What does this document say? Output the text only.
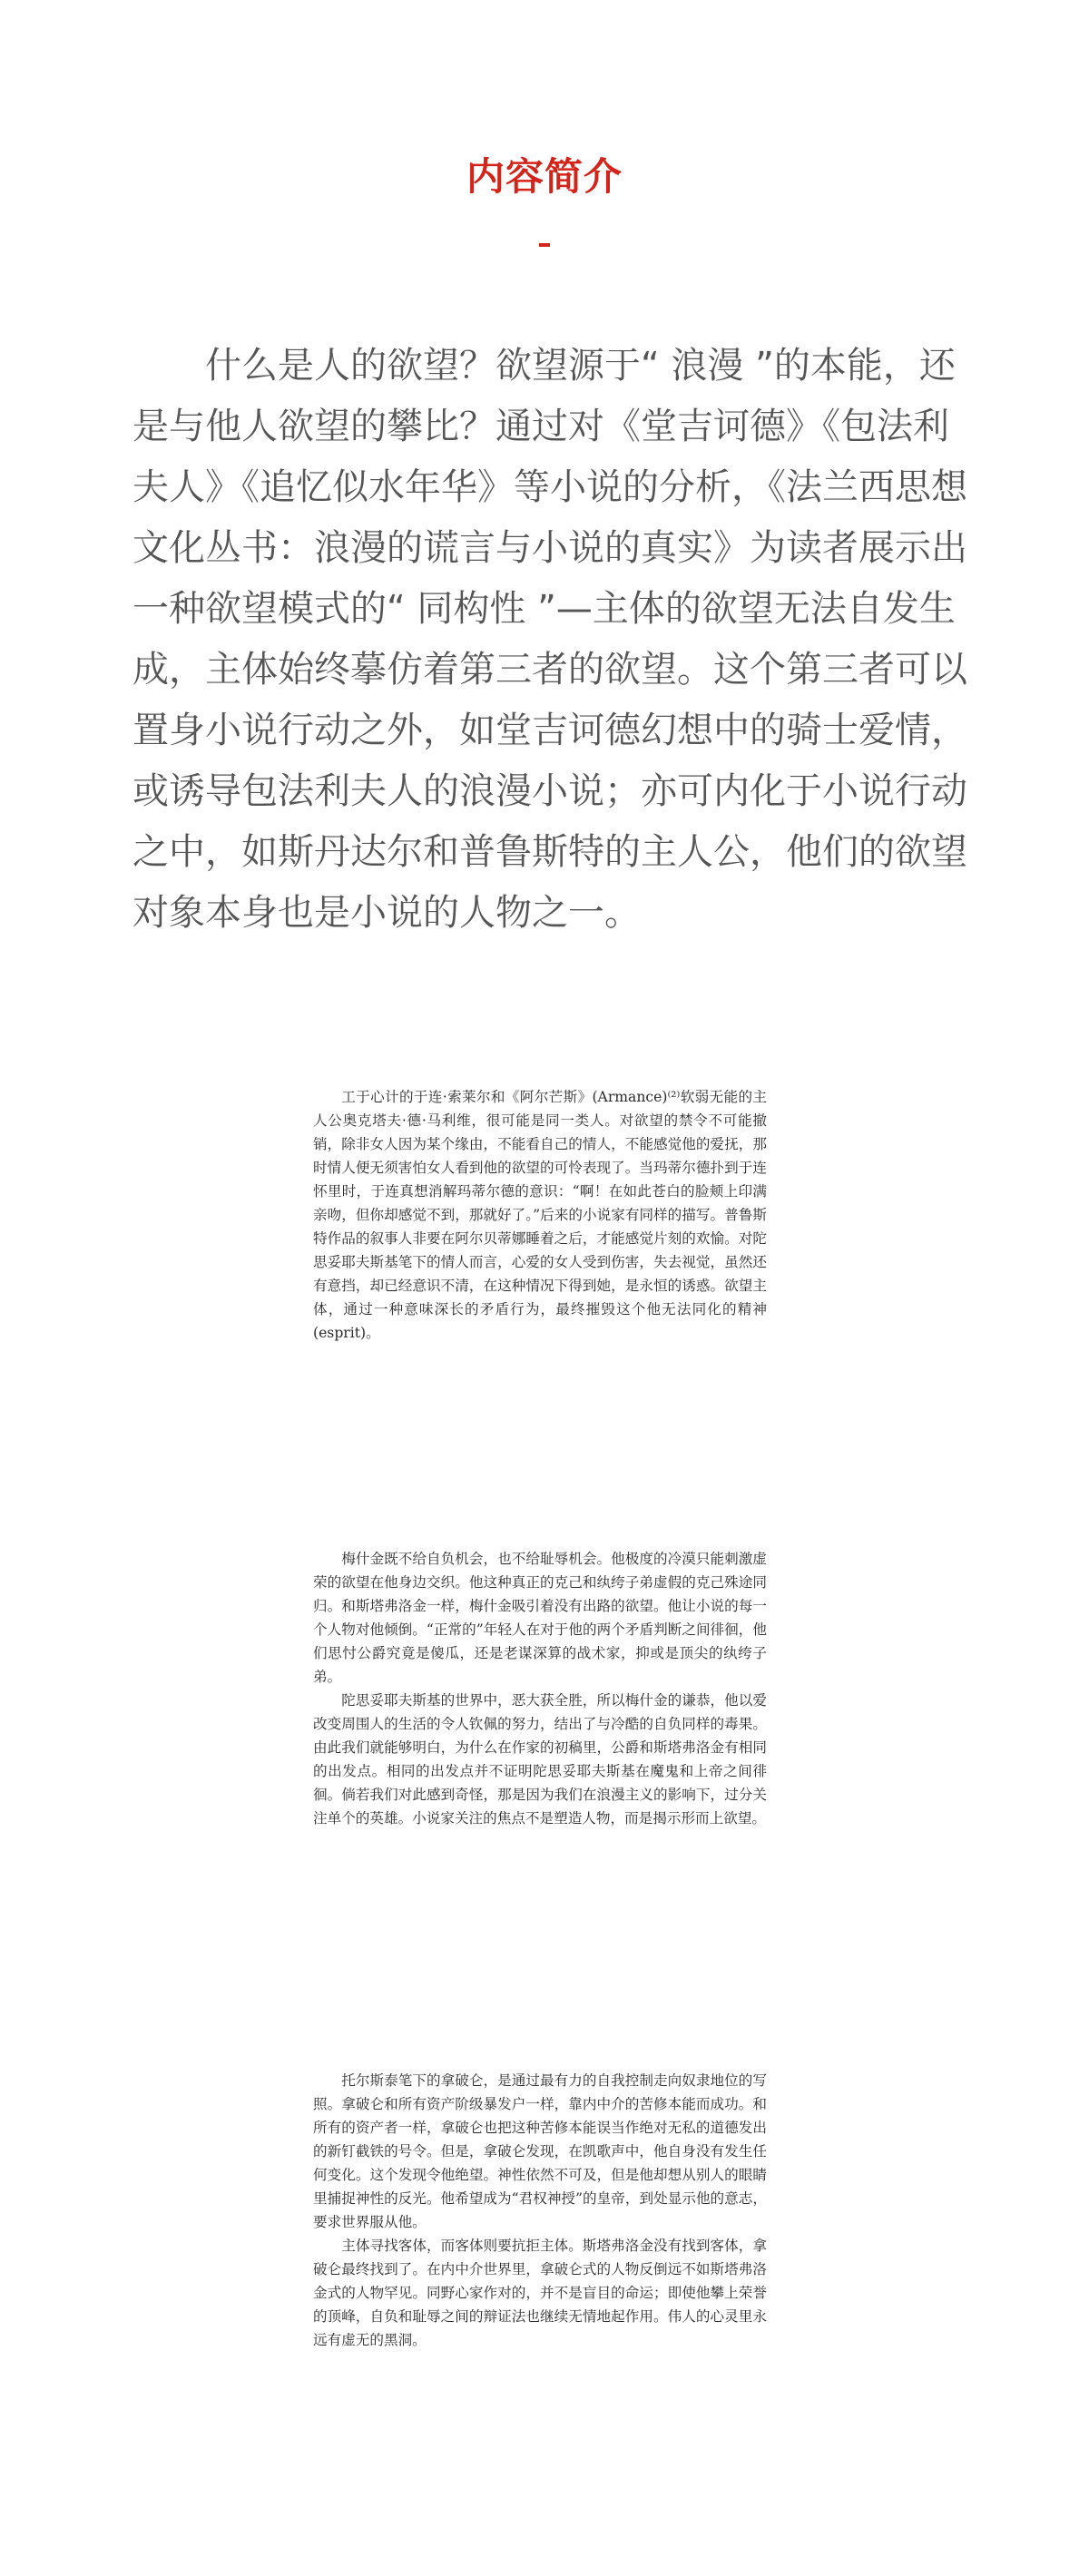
内容简介

什么是人的欲望？欲望源于“ 浪漫 ”的本能，还是与他人欲望的攀比？通过对《堂吉诃德》《包法利夫人》《追忆似水年华》等小说的分析，《法兰西思想文化丛书：浪漫的谎言与小说的真实》为读者展示出一种欲望模式的“ 同构性 ”—主体的欲望无法自发生成，主体始终摹仿着第三者的欲望。这个第三者可以置身小说行动之外，如堂吉诃德幻想中的骑士爱情，或诱导包法利夫人的浪漫小说；亦可内化于小说行动之中，如斯丹达尔和普鲁斯特的主人公，他们的欲望对象本身也是小说的人物之一。

工于心计的于连·索莱尔和《阿尔芒斯》(Armance)⁽²⁾软弱无能的主人公奥克塔夫·德·马利维，很可能是同一类人。对欲望的禁令不可能撤销，除非女人因为某个缘由，不能看自己的情人，不能感觉他的爱抚，那时情人便无须害怕女人看到他的欲望的可怜表现了。当玛蒂尔德扑到于连怀里时，于连真想消解玛蒂尔德的意识：“啊！在如此苍白的脸颊上印满亲吻，但你却感觉不到，那就好了。”后来的小说家有同样的描写。普鲁斯特作品的叙事人非要在阿尔贝蒂娜睡着之后，才能感觉片刻的欢愉。对陀思妥耶夫斯基笔下的情人而言，心爱的女人受到伤害，失去视觉，虽然还有意挡，却已经意识不清，在这种情况下得到她，是永恒的诱惑。欲望主体，通过一种意味深长的矛盾行为，最终摧毁这个他无法同化的精神(esprit)。

梅什金既不给自负机会，也不给耻辱机会。他极度的冷漠只能刺激虚荣的欲望在他身边交织。他这种真正的克己和纨绔子弟虚假的克己殊途同归。和斯塔弗洛金一样，梅什金吸引着没有出路的欲望。他让小说的每一个人物对他倾倒。“正常的”年轻人在对于他的两个矛盾判断之间徘徊，他们思忖公爵究竟是傻瓜，还是老谋深算的战术家，抑或是顶尖的纨绔子弟。

陀思妥耶夫斯基的世界中，恶大获全胜，所以梅什金的谦恭，他以爱改变周围人的生活的令人钦佩的努力，结出了与冷酷的自负同样的毒果。由此我们就能够明白，为什么在作家的初稿里，公爵和斯塔弗洛金有相同的出发点。相同的出发点并不证明陀思妥耶夫斯基在魔鬼和上帝之间徘徊。倘若我们对此感到奇怪，那是因为我们在浪漫主义的影响下，过分关注单个的英雄。小说家关注的焦点不是塑造人物，而是揭示形而上欲望。

托尔斯泰笔下的拿破仑，是通过最有力的自我控制走向奴隶地位的写照。拿破仑和所有资产阶级暴发户一样，靠内中介的苦修本能而成功。和所有的资产者一样，拿破仑也把这种苦修本能误当作绝对无私的道德发出的新钉截铁的号令。但是，拿破仑发现，在凯歌声中，他自身没有发生任何变化。这个发现令他绝望。神性依然不可及，但是他却想从别人的眼睛里捕捉神性的反光。他希望成为“君权神授”的皇帝，到处显示他的意志，要求世界服从他。

主体寻找客体，而客体则要抗拒主体。斯塔弗洛金没有找到客体，拿破仑最终找到了。在内中介世界里，拿破仑式的人物反倒远不如斯塔弗洛金式的人物罕见。同野心家作对的，并不是盲目的命运；即使他攀上荣誉的顶峰，自负和耻辱之间的辩证法也继续无情地起作用。伟人的心灵里永远有虚无的黑洞。
